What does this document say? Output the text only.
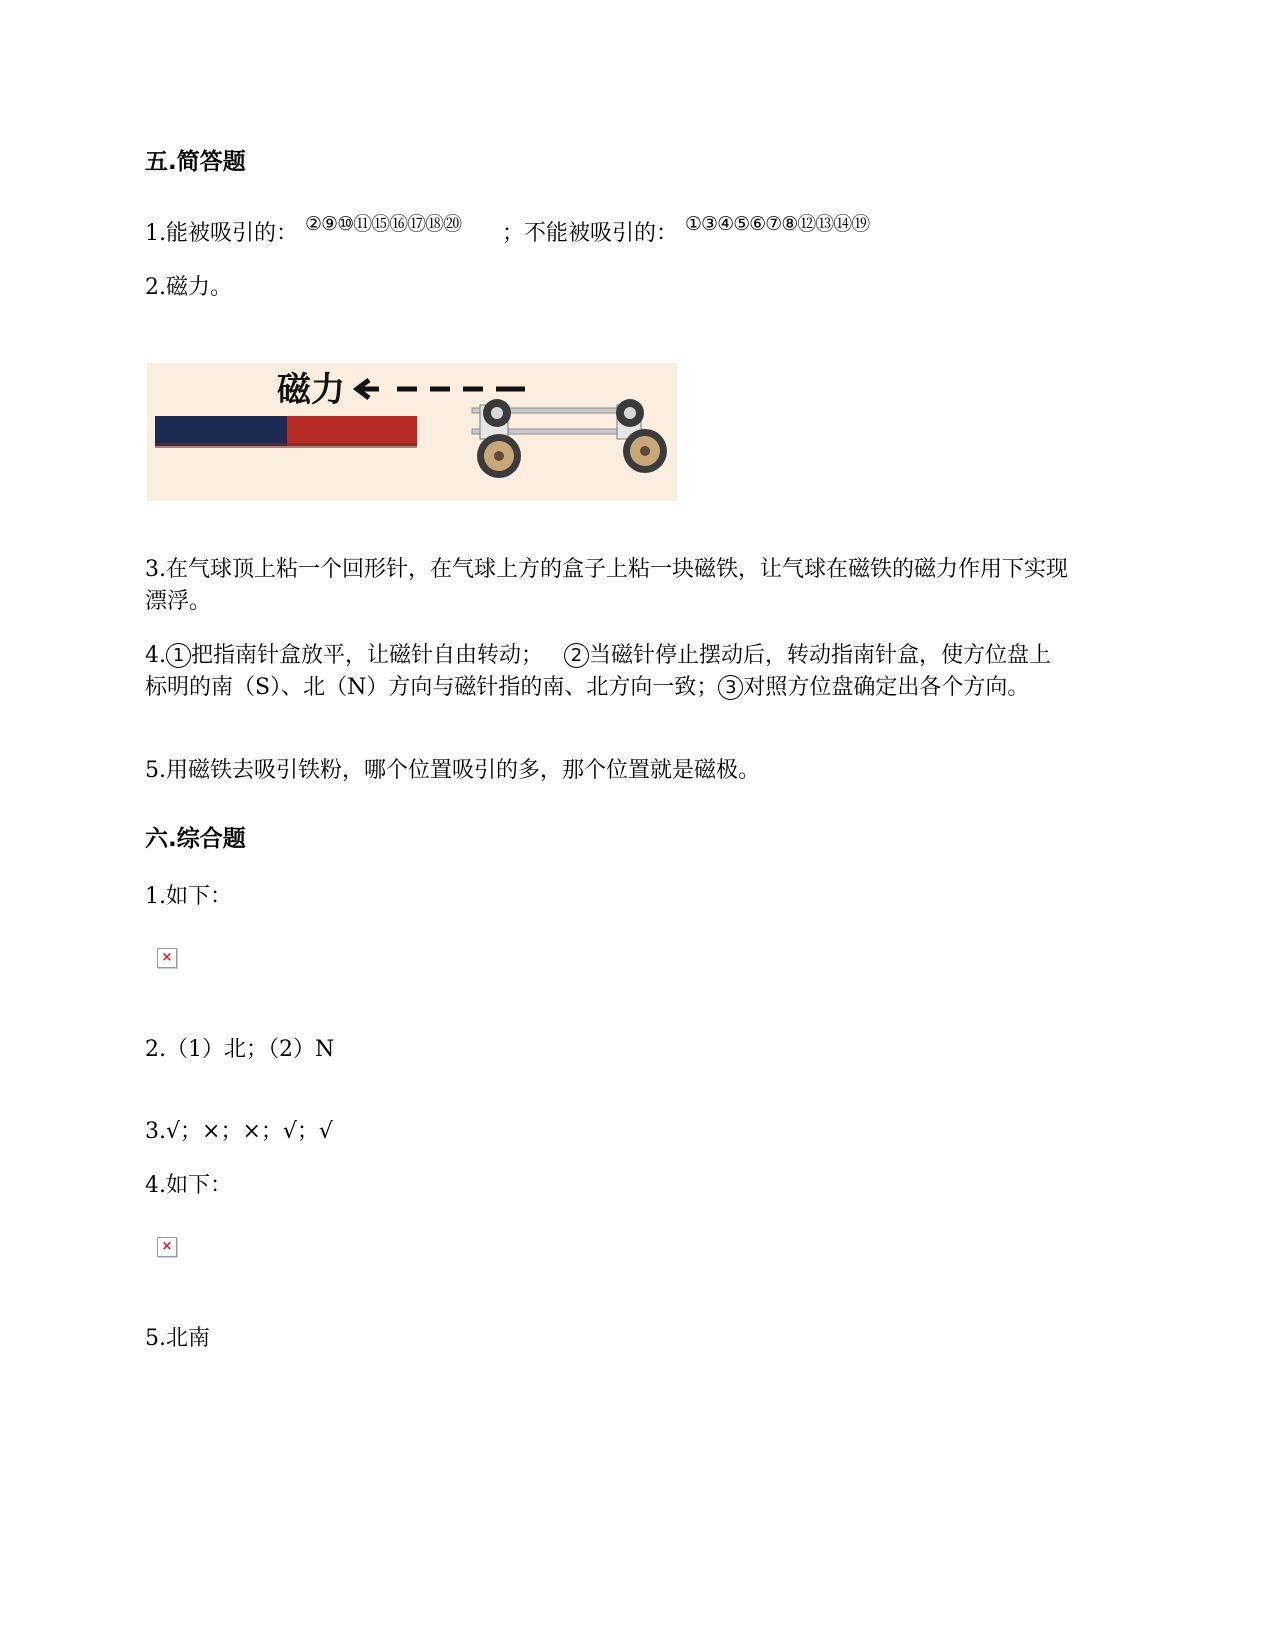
五.简答题
1.能被吸引的： ②⑨⑩⑪⑮⑯⑰⑱⑳ ；不能被吸引的： ①③④⑤⑥⑦⑧⑫⑬⑭⑲
2.磁力。
磁力
3.在气球顶上粘一个回形针，在气球上方的盒子上粘一块磁铁，让气球在磁铁的磁力作用下实现漂浮。
4. 1 把指南针盒放平，让磁针自由转动； 2 当磁针停止摆动后，转动指南针盒，使方位盘上标明的南（S）、北（N）方向与磁针指的南、北方向一致； 3 对照方位盘确定出各个方向。
5.用磁铁去吸引铁粉，哪个位置吸引的多，那个位置就是磁极。
六.综合题
1.如下：
×
2.（1）北；（2）N
3.√；×；×；√；√
4.如下：
×
5.北南
